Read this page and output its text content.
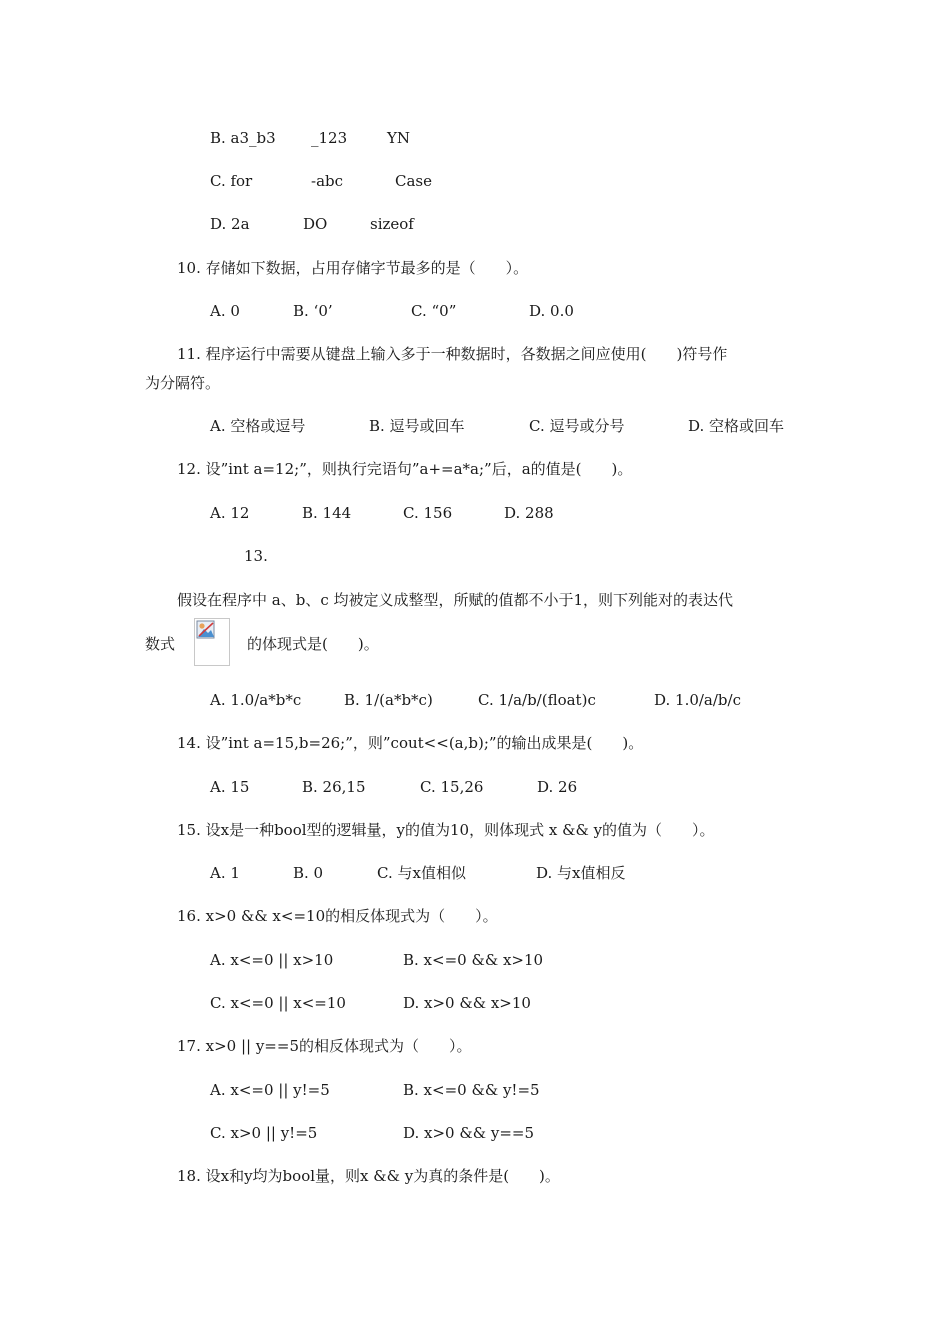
B. a3_b3 _123	YN
C. for	-abc	Case
D. 2a	DO	sizeof
10. 存储如下数据，占用存储字节最多的是（　　）。
A. 0	B. ‘0’	C. “0”	D. 0.0
11. 程序运行中需要从键盘上输入多于一种数据时，各数据之间应使用(　　)符号作
为分隔符。
A. 空格或逗号	B. 逗号或回车	C. 逗号或分号	D. 空格或回车
12. 设”int a=12;”，则执行完语句”a+=a*a;”后，a的值是(　　)。
A. 12	B. 144	C. 156	D. 288
13.
假设在程序中 a、b、c 均被定义成整型，所赋的值都不小于1，则下列能对的表达代
数式	的体现式是(　　)。
A. 1.0/a*b*c	B. 1/(a*b*c)	C. 1/a/b/(float)c	D. 1.0/a/b/c
14. 设”int a=15,b=26;”，则”cout<<(a,b);”的输出成果是(　　)。
A. 15	B. 26,15	C. 15,26	D. 26
15. 设x是一种bool型的逻辑量，y的值为10，则体现式 x && y的值为（　　）。
A. 1	B. 0	C. 与x值相似	D. 与x值相反
16. x>0 && x<=10的相反体现式为（　　）。
A. x<=0 || x>10	B. x<=0 && x>10
C. x<=0 || x<=10	D. x>0 && x>10
17. x>0 || y==5的相反体现式为（　　）。
A. x<=0 || y!=5	B. x<=0 && y!=5
C. x>0 || y!=5	D. x>0 && y==5
18. 设x和y均为bool量，则x && y为真的条件是(　　)。
